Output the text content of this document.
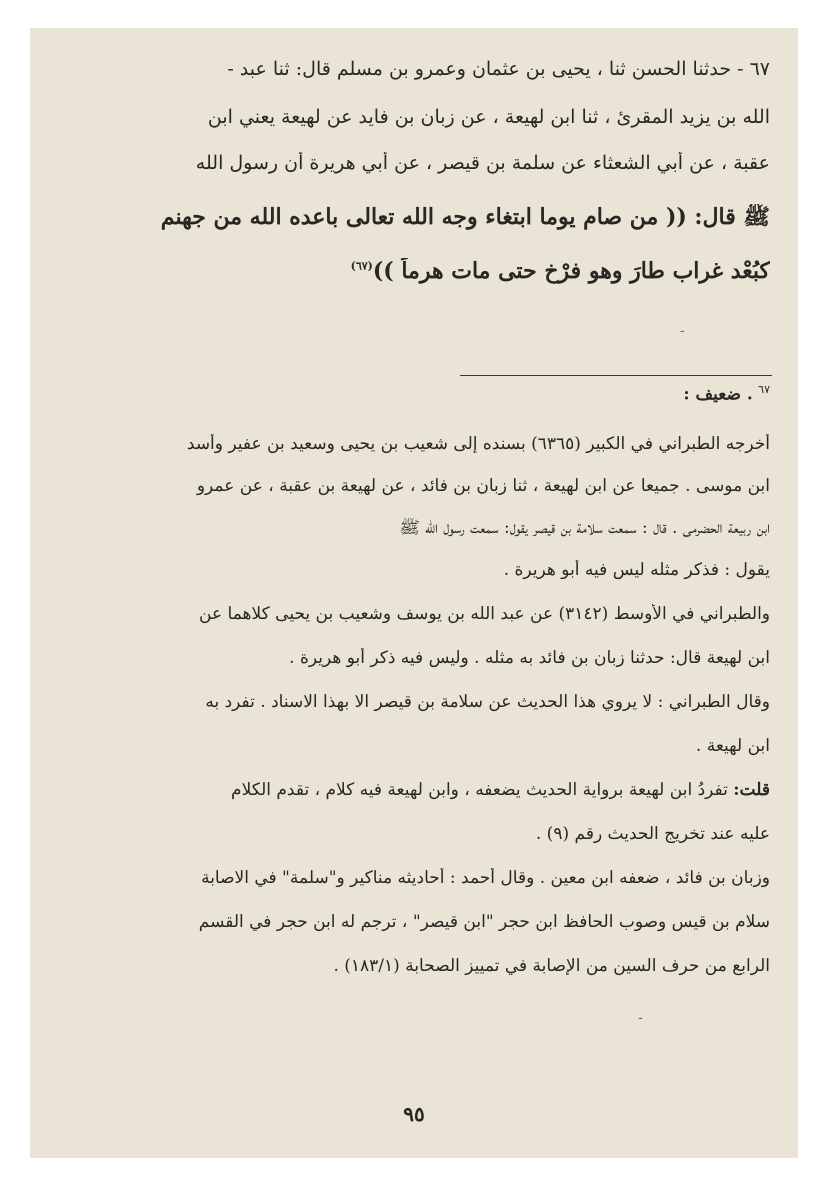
٦٧ - حدثنا الحسن ثنا ، يحيى بن عثمان وعمرو بن مسلم قال: ثنا عبد -
الله بن يزيد المقرئ ، ثنا ابن لهيعة ، عن زبان بن فايد عن لهيعة يعني ابن
عقبة ، عن أبي الشعثاء عن سلمة بن قيصر ، عن أبي هريرة أن رسول الله
ﷺ قال: (( من صام يوما ابتغاء وجه الله تعالى باعده الله من جهنم
كبُعْد غراب طارَ وهو فرْخ حتى مات هرماً ))$^{(٦٧)}$
-
$^{٦٧}$ . ضعيف :
أخرجه الطبراني في الكبير (٦٣٦٥) بسنده إلى شعيب بن يحيى وسعيد بن عفير وأسد
ابن موسى . جميعا عن ابن لهيعة ، ثنا زبان بن فائد ، عن لهيعة بن عقبة ، عن عمرو
ابن ربيعة الحضرمي . قال : سمعت سلامة بن قيصر يقول: سمعت رسول الله ﷺ
يقول : فذكر مثله ليس فيه أبو هريرة .
والطبراني في الأوسط (٣١٤٢) عن عبد الله بن يوسف وشعيب بن يحيى كلاهما عن
ابن لهيعة قال: حدثنا زبان بن فائد به مثله . وليس فيه ذكر أبو هريرة .
وقال الطبراني : لا يروي هذا الحديث عن سلامة بن قيصر الا بهذا الاسناد . تفرد به
ابن لهيعة .
قلت: تفردُ ابن لهيعة برواية الحديث يضعفه ، وابن لهيعة فيه كلام ، تقدم الكلام
عليه عند تخريج الحديث رقم (٩) .
وزبان بن فائد ، ضعفه ابن معين . وقال أحمد : أحاديثه مناكير و"سلمة" في الاصابة
سلام بن قيس وصوب الحافظ ابن حجر "ابن قيصر" ، ترجم له ابن حجر في القسم
الرابع من حرف السين من الإصابة في تمييز الصحابة (١٨٣/١) .
-
٩٥
